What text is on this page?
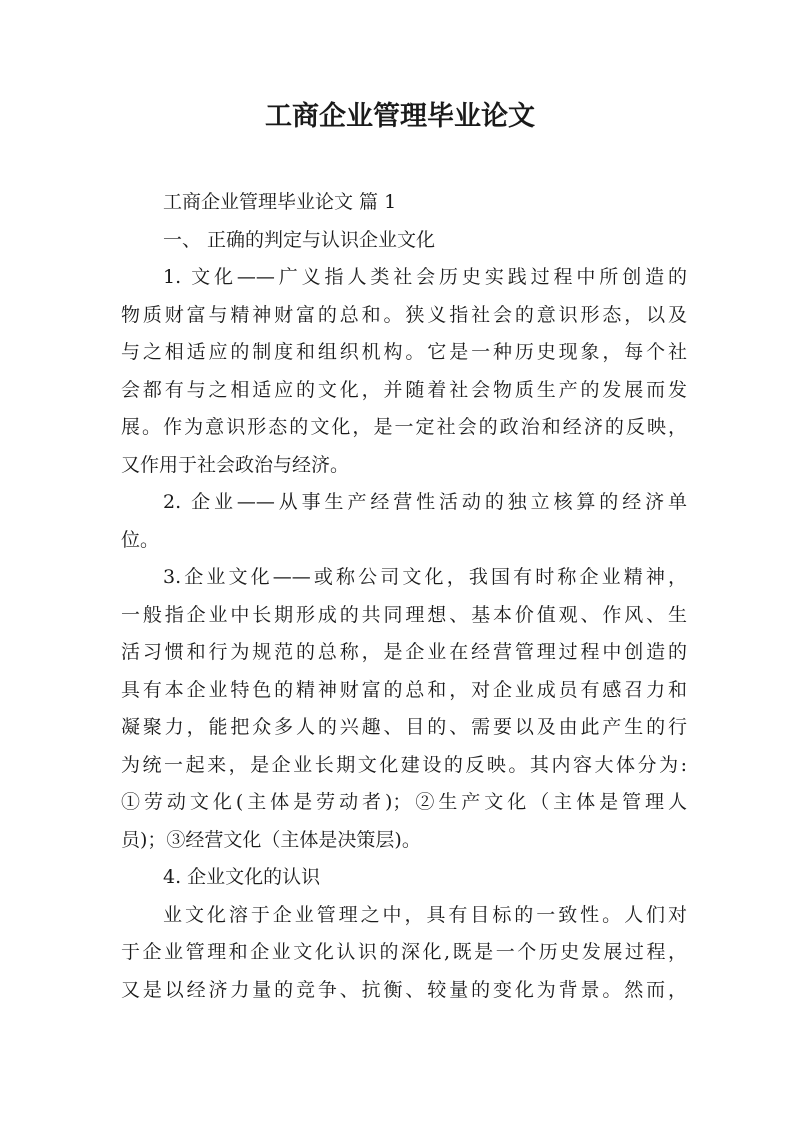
工商企业管理毕业论文
工商企业管理毕业论文 篇 1
一、 正确的判定与认识企业文化
1. 文化——广义指人类社会历史实践过程中所创造的
物质财富与精神财富的总和。狭义指社会的意识形态，以及
与之相适应的制度和组织机构。它是一种历史现象，每个社
会都有与之相适应的文化，并随着社会物质生产的发展而发
展。作为意识形态的文化，是一定社会的政治和经济的反映，
又作用于社会政治与经济。
2. 企业——从事生产经营性活动的独立核算的经济单
位。
3.企业文化——或称公司文化，我国有时称企业精神，
一般指企业中长期形成的共同理想、基本价值观、作风、生
活习惯和行为规范的总称，是企业在经营管理过程中创造的
具有本企业特色的精神财富的总和，对企业成员有感召力和
凝聚力，能把众多人的兴趣、目的、需要以及由此产生的行
为统一起来，是企业长期文化建设的反映。其内容大体分为:
①劳动文化(主体是劳动者)；②生产文化（主体是管理人
员)；③经营文化（主体是决策层)。
4. 企业文化的认识
业文化溶于企业管理之中，具有目标的一致性。人们对
于企业管理和企业文化认识的深化,既是一个历史发展过程，
又是以经济力量的竞争、抗衡、较量的变化为背景。然而，
